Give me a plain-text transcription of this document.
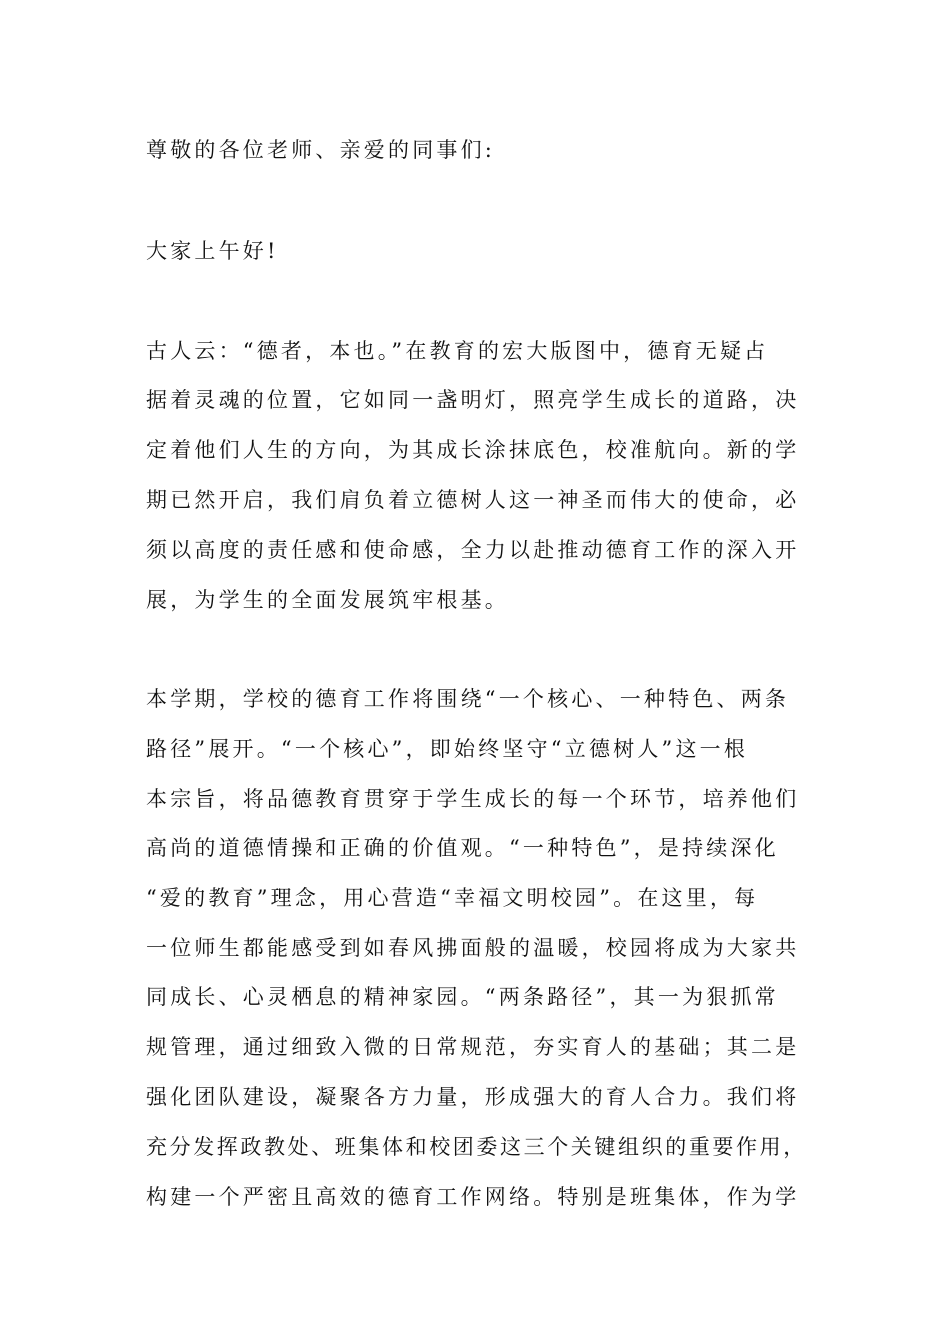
尊敬的各位老师、亲爱的同事们:
大家上午好!
古人云：“德者，本也。”在教育的宏大版图中，德育无疑占
据着灵魂的位置，它如同一盏明灯，照亮学生成长的道路，决
定着他们人生的方向，为其成长涂抹底色，校准航向。新的学
期已然开启，我们肩负着立德树人这一神圣而伟大的使命，必
须以高度的责任感和使命感，全力以赴推动德育工作的深入开
展，为学生的全面发展筑牢根基。
本学期，学校的德育工作将围绕“一个核心、一种特色、两条
路径”展开。“一个核心”，即始终坚守“立德树人”这一根
本宗旨，将品德教育贯穿于学生成长的每一个环节，培养他们
高尚的道德情操和正确的价值观。“一种特色”，是持续深化
“爱的教育”理念，用心营造“幸福文明校园”。在这里，每
一位师生都能感受到如春风拂面般的温暖，校园将成为大家共
同成长、心灵栖息的精神家园。“两条路径”，其一为狠抓常
规管理，通过细致入微的日常规范，夯实育人的基础；其二是
强化团队建设，凝聚各方力量，形成强大的育人合力。我们将
充分发挥政教处、班集体和校团委这三个关键组织的重要作用，
构建一个严密且高效的德育工作网络。特别是班集体，作为学
